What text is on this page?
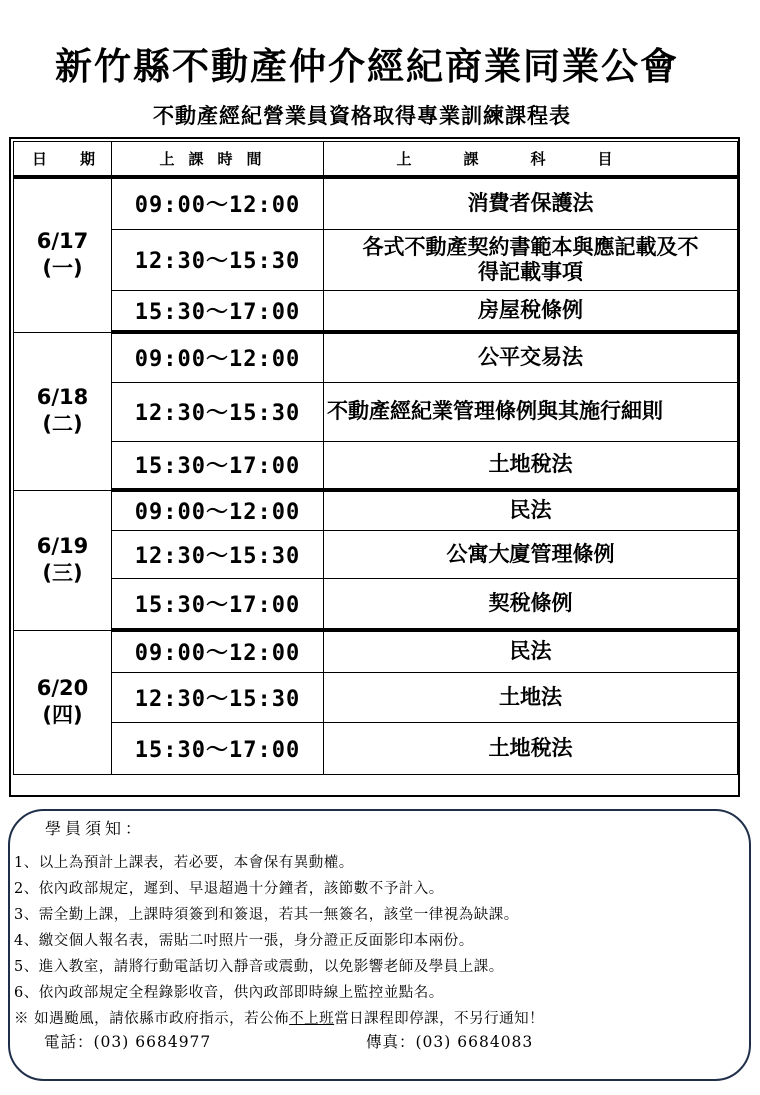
新竹縣不動產仲介經紀商業同業公會
不動產經紀營業員資格取得專業訓練課程表
日 期	上課時間	上課科目

6/17
(一)	09:00～12:00	消費者保護法
	12:30～15:30	各式不動產契約書範本與應記載及不得記載事項
	15:30～17:00	房屋稅條例

6/18
(二)	09:00～12:00	公平交易法
	12:30～15:30	不動產經紀業管理條例與其施行細則
	15:30～17:00	土地稅法

6/19
(三)	09:00～12:00	民法
	12:30～15:30	公寓大廈管理條例
	15:30～17:00	契稅條例

6/20
(四)	09:00～12:00	民法
	12:30～15:30	土地法
	15:30～17:00	土地稅法
學員須知：
1、以上為預計上課表，若必要，本會保有異動權。
2、依內政部規定，遲到、早退超過十分鐘者，該節數不予計入。
3、需全勤上課，上課時須簽到和簽退，若其一無簽名，該堂一律視為缺課。
4、繳交個人報名表，需貼二吋照片一張，身分證正反面影印本兩份。
5、進入教室，請將行動電話切入靜音或震動，以免影響老師及學員上課。
6、依內政部規定全程錄影收音，供內政部即時線上監控並點名。
※ 如遇颱風，請依縣市政府指示，若公佈不上班當日課程即停課，不另行通知！
電話：(03) 6684977	傳真：(03) 6684083
